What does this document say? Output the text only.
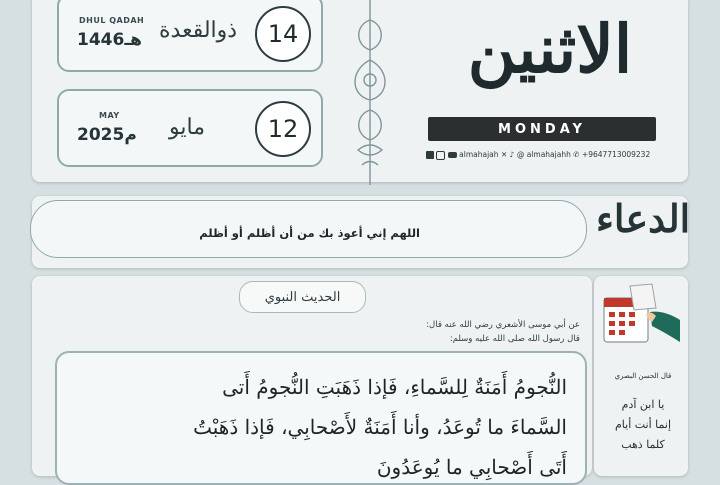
DHUL QADAH
1446هـ ذوالقعدة	14
MAY
2025م مايو	12
الاثنين
MONDAY
almahajah ✕ ♪ @ almahajahh ✆ +9647713009232
اللهم إني أعوذ بك من أن أظلم أو أظلم	الدعاء
الحديث النبوي
عن أبي موسى الأشعري رضي الله عنه قال:
قال رسول الله صلى الله عليه وسلم:
النُّجومُ أَمَنَةٌ لِلسَّماءِ، فَإذا ذَهَبَتِ النُّجومُ أَتى
السَّماءَ ما تُوعَدُ، وأنا أَمَنَةٌ لأَصْحابِي، فَإذا ذَهَبْتُ
أَتَى أَصْحابِي ما يُوعَدُونَ
قال الحسن البصري
يا ابن آدم
إنما أنت أيام
كلما ذهب
